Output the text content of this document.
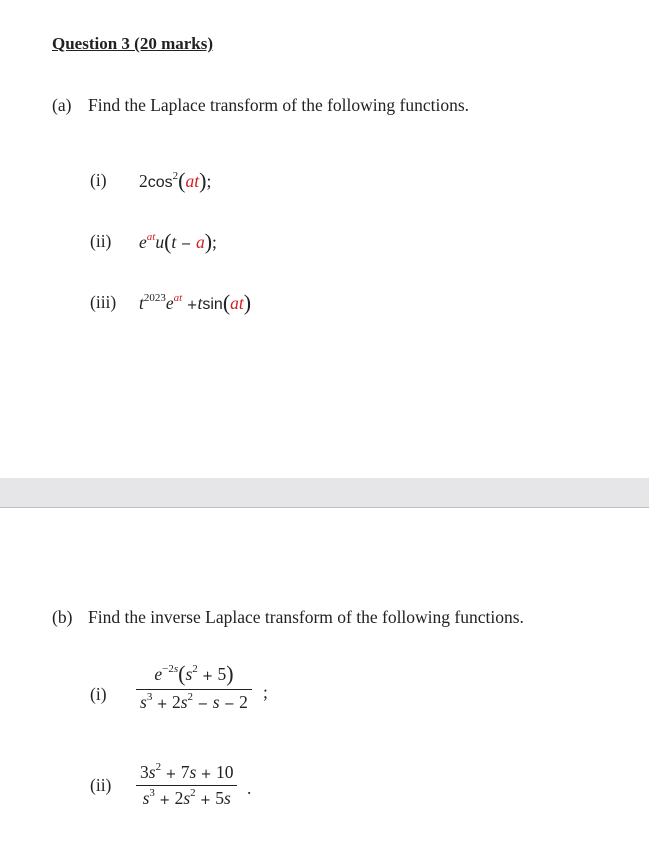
Question 3 (20 marks)
(a) Find the Laplace transform of the following functions.
(i) $2\cos^2(at)$;
(ii) $e^{at}u(t - a)$;
(iii) $t^{2023}e^{at} +tsin(at)$
(b) Find the inverse Laplace transform of the following functions.
(i)
$e^{-2s}(s^2 + 5)$
$s^3 + 2s^2 - s - 2$ ;
(ii)
$3s^2 + 7s + 10$
$s^3 + 2s^2 + 5s$ .
